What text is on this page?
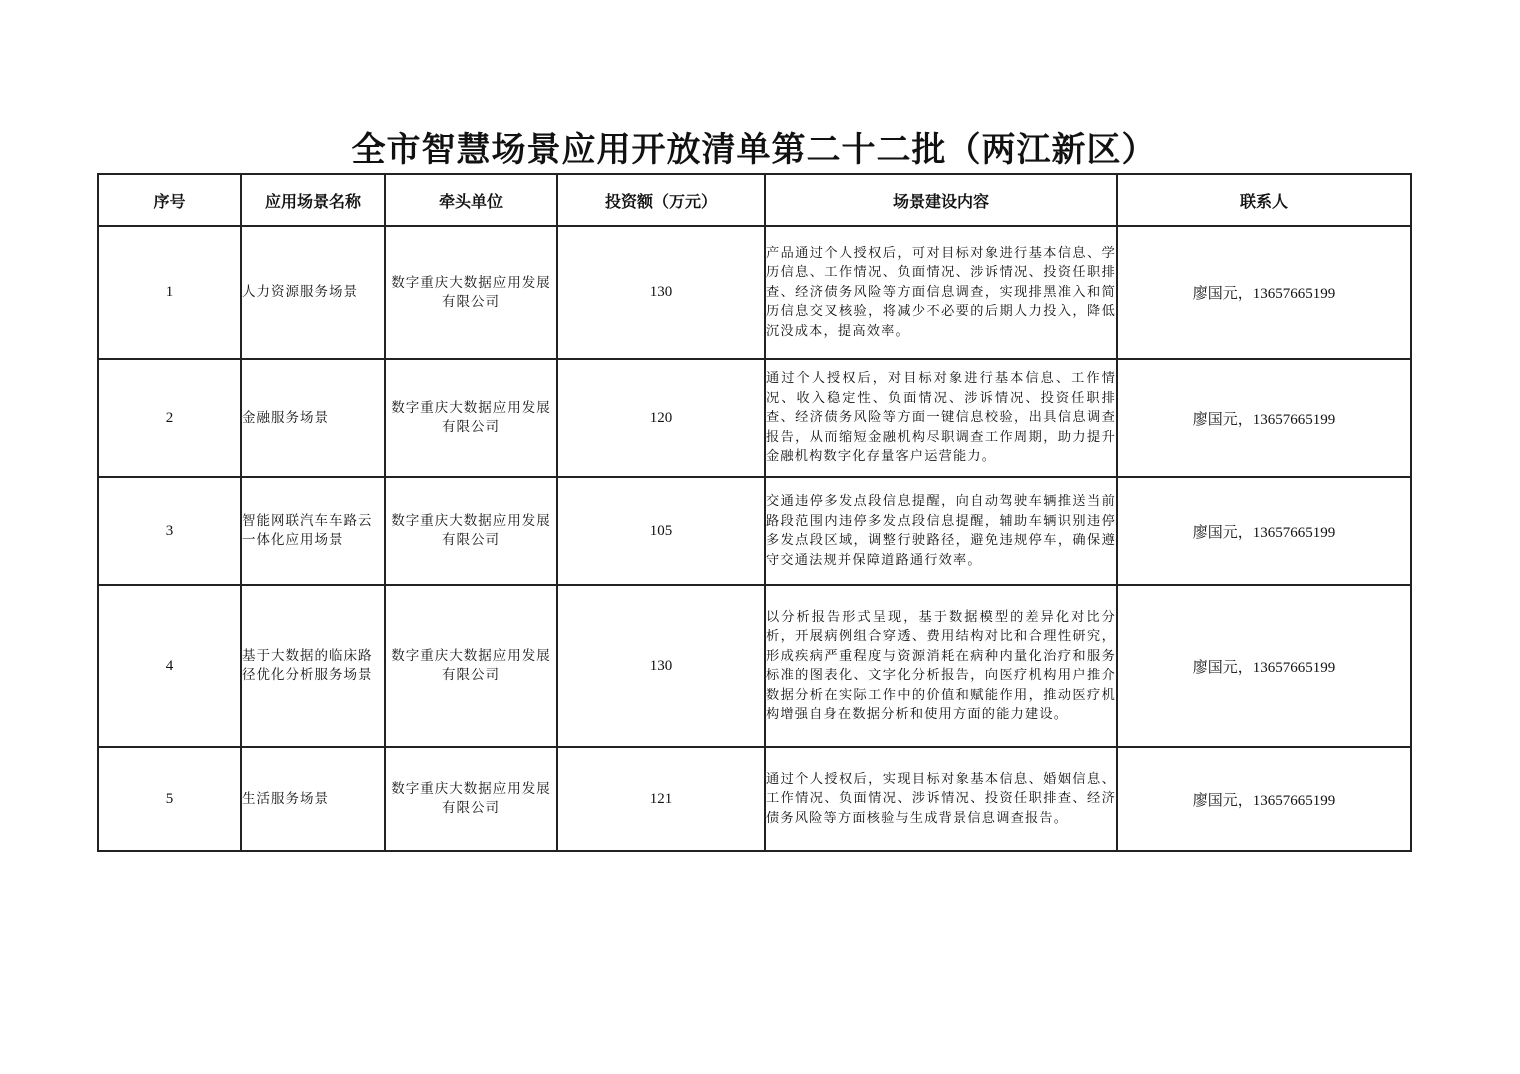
全市智慧场景应用开放清单第二十二批（两江新区）
序号	应用场景名称	牵头单位	投资额（万元）	场景建设内容	联系人
1	人力资源服务场景	数字重庆大数据应用发展有限公司	130	产品通过个人授权后，可对目标对象进行基本信息、学历信息、工作情况、负面情况、涉诉情况、投资任职排查、经济债务风险等方面信息调查，实现排黑准入和简历信息交叉核验，将减少不必要的后期人力投入，降低沉没成本，提高效率。	廖国元，13657665199
2	金融服务场景	数字重庆大数据应用发展有限公司	120	通过个人授权后，对目标对象进行基本信息、工作情况、收入稳定性、负面情况、涉诉情况、投资任职排查、经济债务风险等方面一键信息校验，出具信息调查报告，从而缩短金融机构尽职调查工作周期，助力提升金融机构数字化存量客户运营能力。	廖国元，13657665199
3	智能网联汽车车路云一体化应用场景	数字重庆大数据应用发展有限公司	105	交通违停多发点段信息提醒，向自动驾驶车辆推送当前路段范围内违停多发点段信息提醒，辅助车辆识别违停多发点段区域，调整行驶路径，避免违规停车，确保遵守交通法规并保障道路通行效率。	廖国元，13657665199
4	基于大数据的临床路径优化分析服务场景	数字重庆大数据应用发展有限公司	130	以分析报告形式呈现，基于数据模型的差异化对比分析，开展病例组合穿透、费用结构对比和合理性研究，形成疾病严重程度与资源消耗在病种内量化治疗和服务标准的图表化、文字化分析报告，向医疗机构用户推介数据分析在实际工作中的价值和赋能作用，推动医疗机构增强自身在数据分析和使用方面的能力建设。	廖国元，13657665199
5	生活服务场景	数字重庆大数据应用发展有限公司	121	通过个人授权后，实现目标对象基本信息、婚姻信息、工作情况、负面情况、涉诉情况、投资任职排查、经济债务风险等方面核验与生成背景信息调查报告。	廖国元，13657665199
